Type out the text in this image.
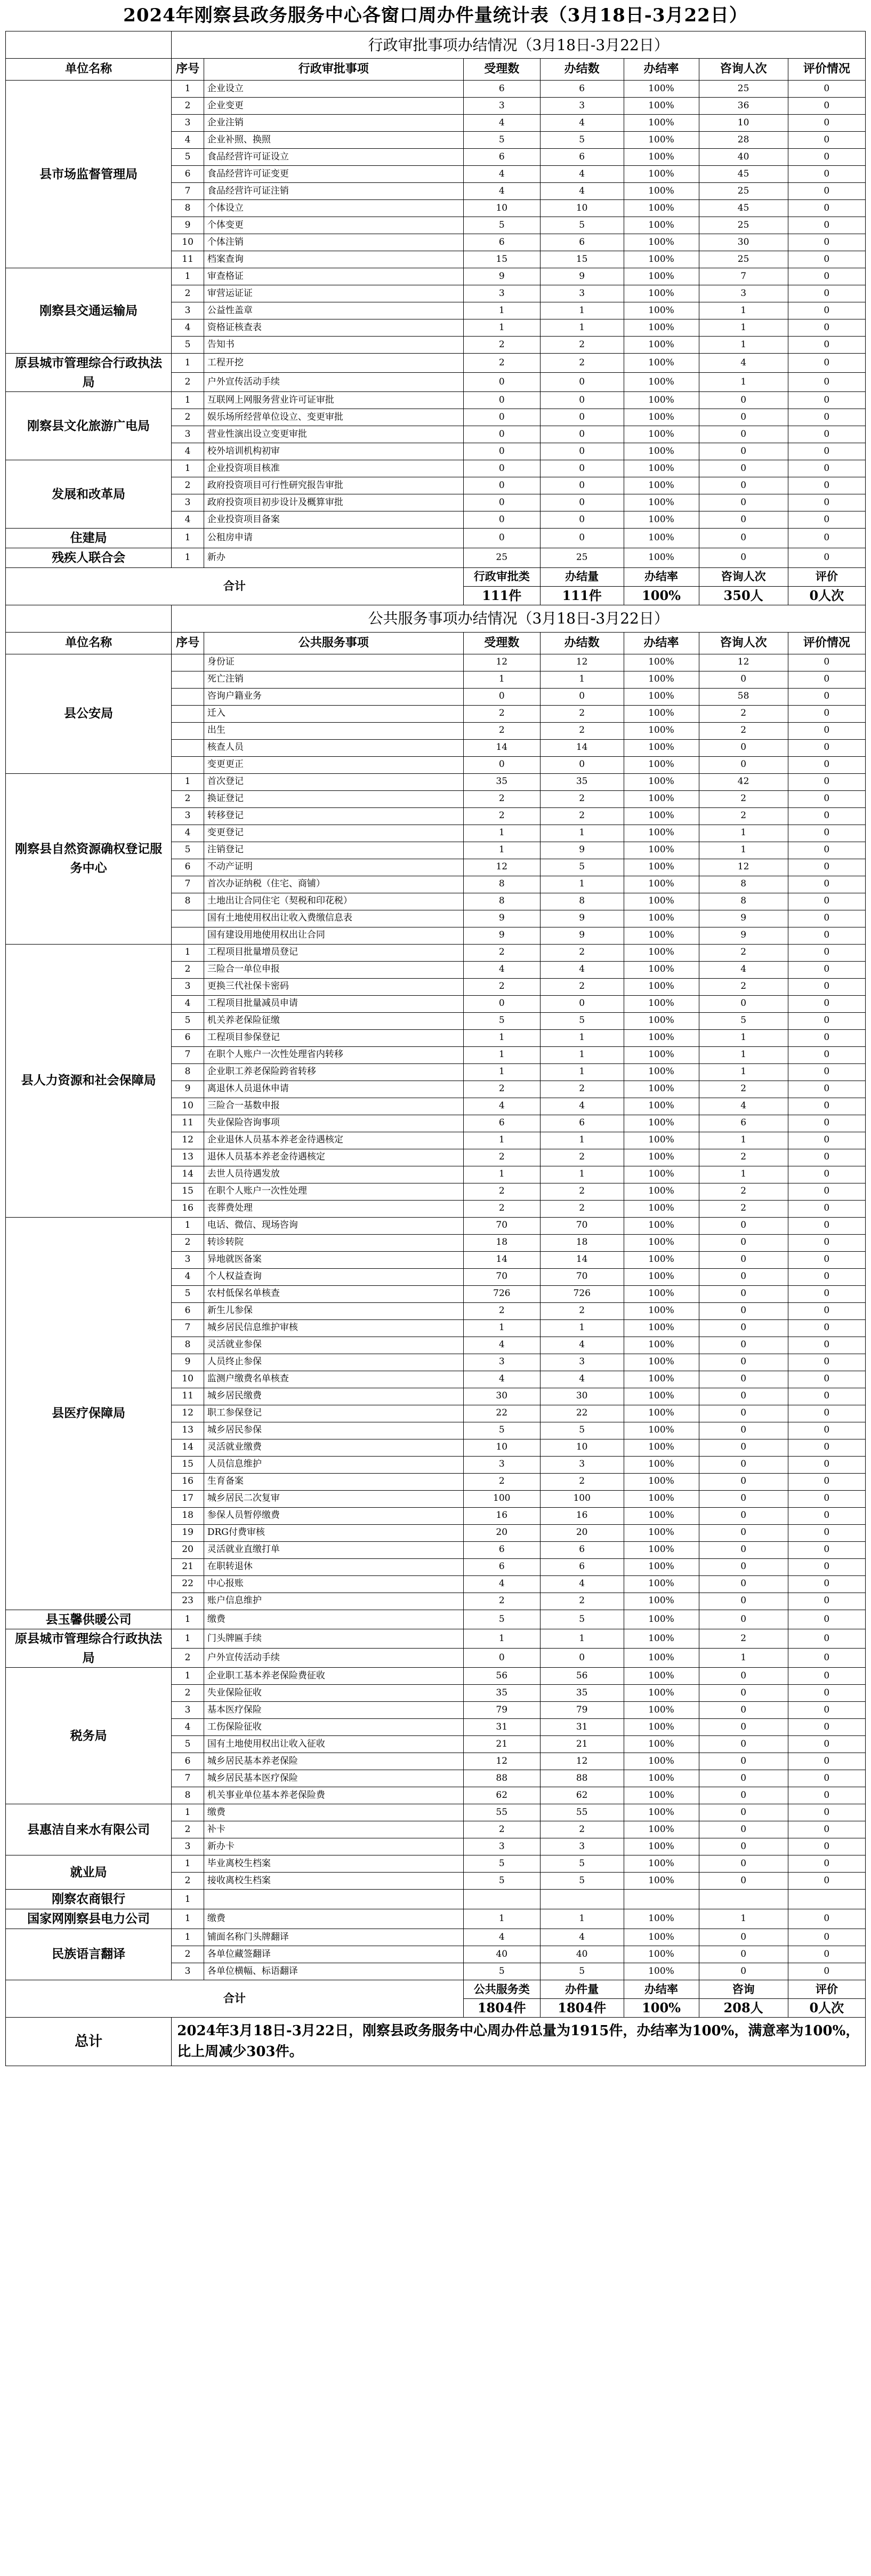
2024年刚察县政务服务中心各窗口周办件量统计表（3月18日-3月22日）							
	行政审批事项办结情况（3月18日-3月22日）						
单位名称	序号	行政审批事项	受理数	办结数	办结率	咨询人次	评价情况
县市场监督管理局	1	企业设立	6	6	100%	25	0
	2	企业变更	3	3	100%	36	0
	3	企业注销	4	4	100%	10	0
	4	企业补照、换照	5	5	100%	28	0
	5	食品经营许可证设立	6	6	100%	40	0
	6	食品经营许可证变更	4	4	100%	45	0
	7	食品经营许可证注销	4	4	100%	25	0
	8	个体设立	10	10	100%	45	0
	9	个体变更	5	5	100%	25	0
	10	个体注销	6	6	100%	30	0
	11	档案查询	15	15	100%	25	0
刚察县交通运输局	1	审查格证	9	9	100%	7	0
	2	审营运证证	3	3	100%	3	0
	3	公益性盖章	1	1	100%	1	0
	4	资格证核查表	1	1	100%	1	0
	5	告知书	2	2	100%	1	0
原县城市管理综合行政执法局	1	工程开挖	2	2	100%	4	0
	2	户外宣传活动手续	0	0	100%	1	0
刚察县文化旅游广电局	1	互联网上网服务营业许可证审批	0	0	100%	0	0
	2	娱乐场所经营单位设立、变更审批	0	0	100%	0	0
	3	营业性演出设立变更审批	0	0	100%	0	0
	4	校外培训机构初审	0	0	100%	0	0
发展和改革局	1	企业投资项目核准	0	0	100%	0	0
	2	政府投资项目可行性研究报告审批	0	0	100%	0	0
	3	政府投资项目初步设计及概算审批	0	0	100%	0	0
	4	企业投资项目备案	0	0	100%	0	0
住建局	1	公租房申请	0	0	100%	0	0
残疾人联合会	1	新办	25	25	100%	0	0
合计			行政审批类	办结量	办结率	咨询人次	评价
			111件	111件	100%	350人	0人次
	公共服务事项办结情况（3月18日-3月22日）						
单位名称	序号	公共服务事项	受理数	办结数	办结率	咨询人次	评价情况
县公安局		身份证	12	12	100%	12	0
		死亡注销	1	1	100%	0	0
		咨询户籍业务	0	0	100%	58	0
		迁入	2	2	100%	2	0
		出生	2	2	100%	2	0
		核查人员	14	14	100%	0	0
		变更更正	0	0	100%	0	0
刚察县自然资源确权登记服务中心	1	首次登记	35	35	100%	42	0
	2	换证登记	2	2	100%	2	0
	3	转移登记	2	2	100%	2	0
	4	变更登记	1	1	100%	1	0
	5	注销登记	1	9	100%	1	0
	6	不动产证明	12	5	100%	12	0
	7	首次办证纳税（住宅、商铺）	8	1	100%	8	0
	8	土地出让合同住宅（契税和印花税）	8	8	100%	8	0
		国有土地使用权出让收入费缴信息表	9	9	100%	9	0
		国有建设用地使用权出让合同	9	9	100%	9	0
县人力资源和社会保障局	1	工程项目批量增员登记	2	2	100%	2	0
	2	三险合一单位申报	4	4	100%	4	0
	3	更换三代社保卡密码	2	2	100%	2	0
	4	工程项目批量减员申请	0	0	100%	0	0
	5	机关养老保险征缴	5	5	100%	5	0
	6	工程项目参保登记	1	1	100%	1	0
	7	在职个人账户一次性处理省内转移	1	1	100%	1	0
	8	企业职工养老保险跨省转移	1	1	100%	1	0
	9	离退休人员退休申请	2	2	100%	2	0
	10	三险合一基数申报	4	4	100%	4	0
	11	失业保险咨询事项	6	6	100%	6	0
	12	企业退休人员基本养老金待遇核定	1	1	100%	1	0
	13	退休人员基本养老金待遇核定	2	2	100%	2	0
	14	去世人员待遇发放	1	1	100%	1	0
	15	在职个人账户一次性处理	2	2	100%	2	0
	16	丧葬费处理	2	2	100%	2	0
县医疗保障局	1	电话、微信、现场咨询	70	70	100%	0	0
	2	转诊转院	18	18	100%	0	0
	3	异地就医备案	14	14	100%	0	0
	4	个人权益查询	70	70	100%	0	0
	5	农村低保名单核查	726	726	100%	0	0
	6	新生儿参保	2	2	100%	0	0
	7	城乡居民信息维护审核	1	1	100%	0	0
	8	灵活就业参保	4	4	100%	0	0
	9	人员终止参保	3	3	100%	0	0
	10	监测户缴费名单核查	4	4	100%	0	0
	11	城乡居民缴费	30	30	100%	0	0
	12	职工参保登记	22	22	100%	0	0
	13	城乡居民参保	5	5	100%	0	0
	14	灵活就业缴费	10	10	100%	0	0
	15	人员信息维护	3	3	100%	0	0
	16	生育备案	2	2	100%	0	0
	17	城乡居民二次复审	100	100	100%	0	0
	18	参保人员暂停缴费	16	16	100%	0	0
	19	DRG付费审核	20	20	100%	0	0
	20	灵活就业直缴打单	6	6	100%	0	0
	21	在职转退休	6	6	100%	0	0
	22	中心报账	4	4	100%	0	0
	23	账户信息维护	2	2	100%	0	0
县玉馨供暖公司	1	缴费	5	5	100%	0	0
原县城市管理综合行政执法局	1	门头牌匾手续	1	1	100%	2	0
	2	户外宣传活动手续	0	0	100%	1	0
税务局	1	企业职工基本养老保险费征收	56	56	100%	0	0
	2	失业保险征收	35	35	100%	0	0
	3	基本医疗保险	79	79	100%	0	0
	4	工伤保险征收	31	31	100%	0	0
	5	国有土地使用权出让收入征收	21	21	100%	0	0
	6	城乡居民基本养老保险	12	12	100%	0	0
	7	城乡居民基本医疗保险	88	88	100%	0	0
	8	机关事业单位基本养老保险费	62	62	100%	0	0
县惠洁自来水有限公司	1	缴费	55	55	100%	0	0
	2	补卡	2	2	100%	0	0
	3	新办卡	3	3	100%	0	0
就业局	1	毕业离校生档案	5	5	100%	0	0
	2	接收离校生档案	5	5	100%	0	0
刚察农商银行	1						
国家网刚察县电力公司	1	缴费	1	1	100%	1	0
民族语言翻译	1	铺面名称门头牌翻译	4	4	100%	0	0
	2	各单位藏签翻译	40	40	100%	0	0
	3	各单位横幅、标语翻译	5	5	100%	0	0
合计			公共服务类	办件量	办结率	咨询	评价
			1804件	1804件	100%	208人	0人次
总计	2024年3月18日-3月22日，刚察县政务服务中心周办件总量为1915件，办结率为100%，满意率为100%，比上周减少303件。						
